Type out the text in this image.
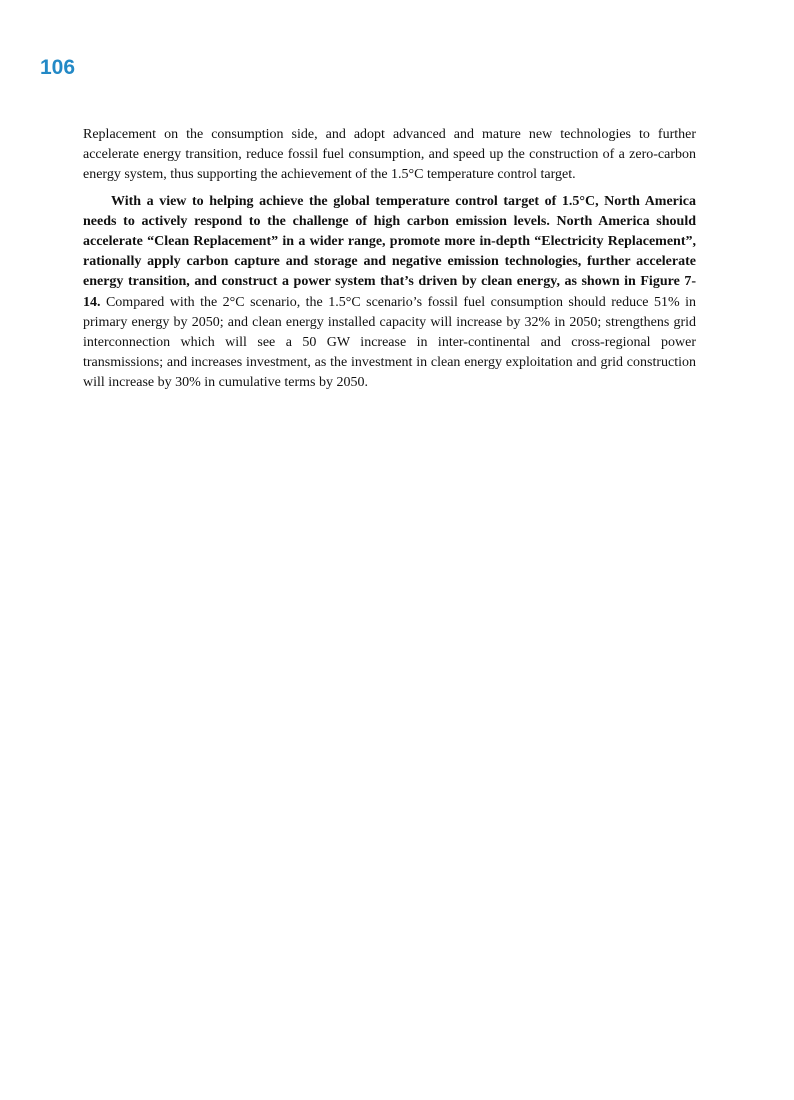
106

Replacement on the consumption side, and adopt advanced and mature new technologies to further accelerate energy transition, reduce fossil fuel consumption, and speed up the construction of a zero-carbon energy system, thus supporting the achievement of the 1.5°C temperature control target.

With a view to helping achieve the global temperature control target of 1.5°C, North America needs to actively respond to the challenge of high carbon emission levels. North America should accelerate “Clean Replacement” in a wider range, promote more in-depth “Electricity Replacement”, rationally apply carbon capture and storage and negative emission technologies, further accelerate energy transition, and construct a power system that’s driven by clean energy, as shown in Figure 7-14. Compared with the 2°C scenario, the 1.5°C scenario’s fossil fuel consumption should reduce 51% in primary energy by 2050; and clean energy installed capacity will increase by 32% in 2050; strengthens grid interconnection which will see a 50 GW increase in inter-continental and cross-regional power transmissions; and increases investment, as the investment in clean energy exploitation and grid construction will increase by 30% in cumulative terms by 2050.
